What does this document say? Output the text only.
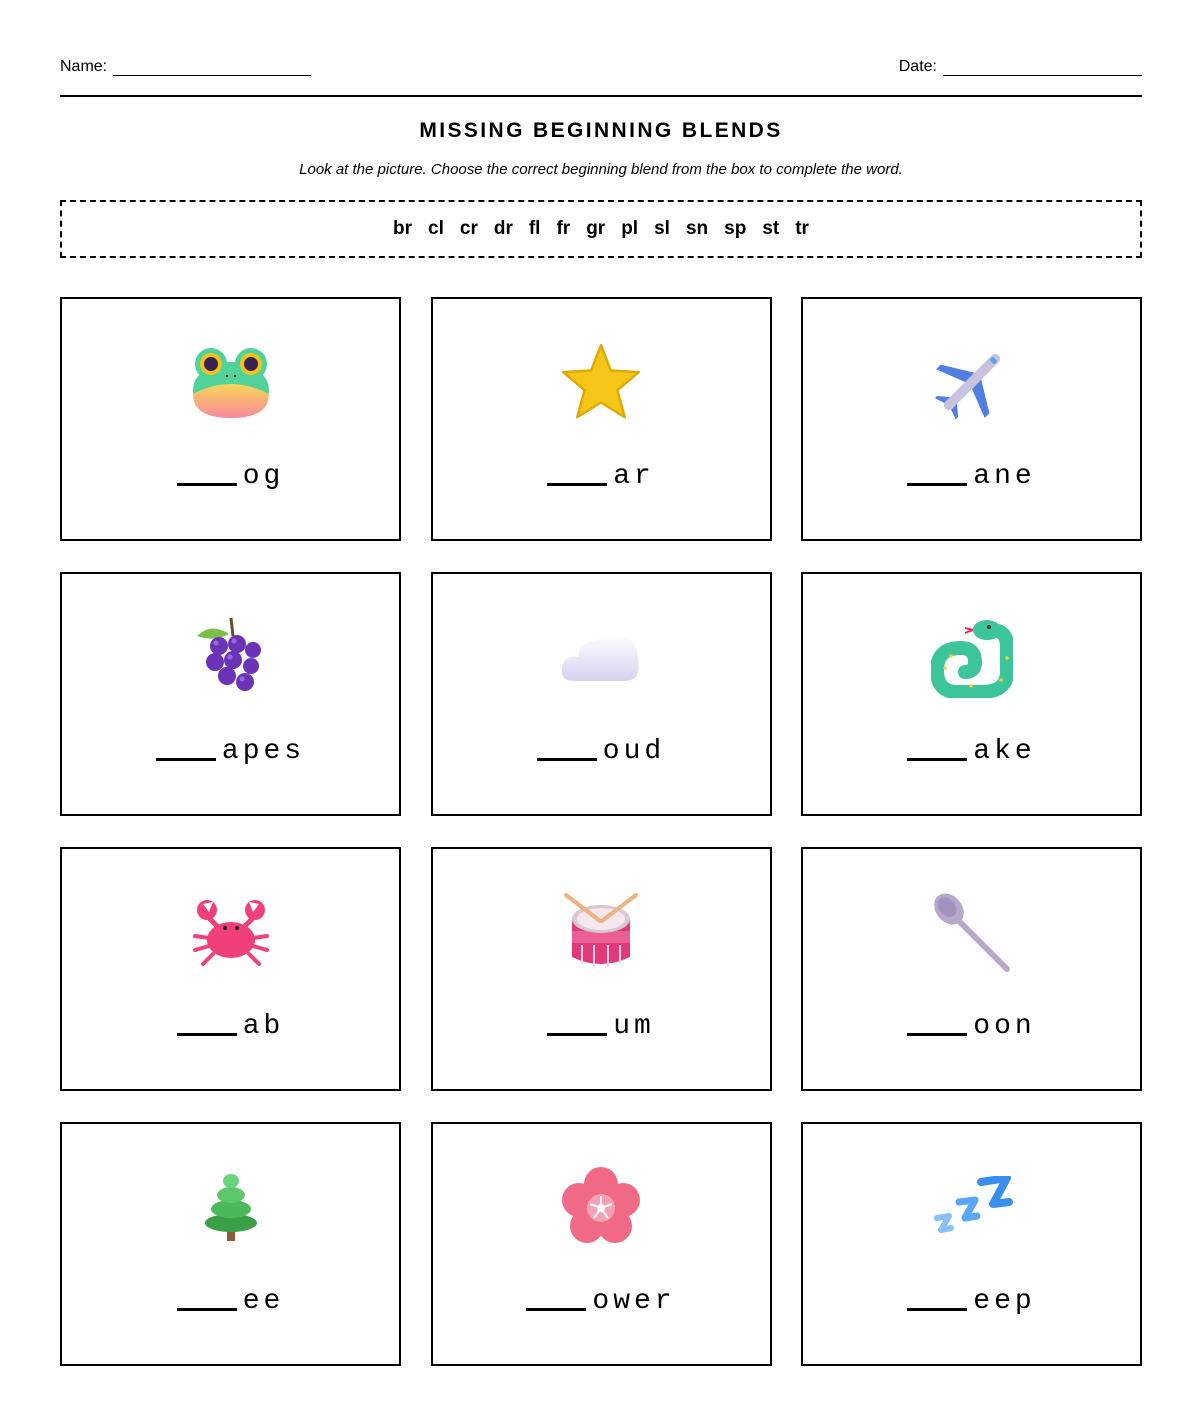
Name:	Date:
MISSING BEGINNING BLENDS
Look at the picture. Choose the correct beginning blend from the box to complete the word.
br cl cr dr fl fr gr pl sl sn sp st tr
og	ar	ane
apes	oud	ake
ab	um	oon
ee	ower	eep
